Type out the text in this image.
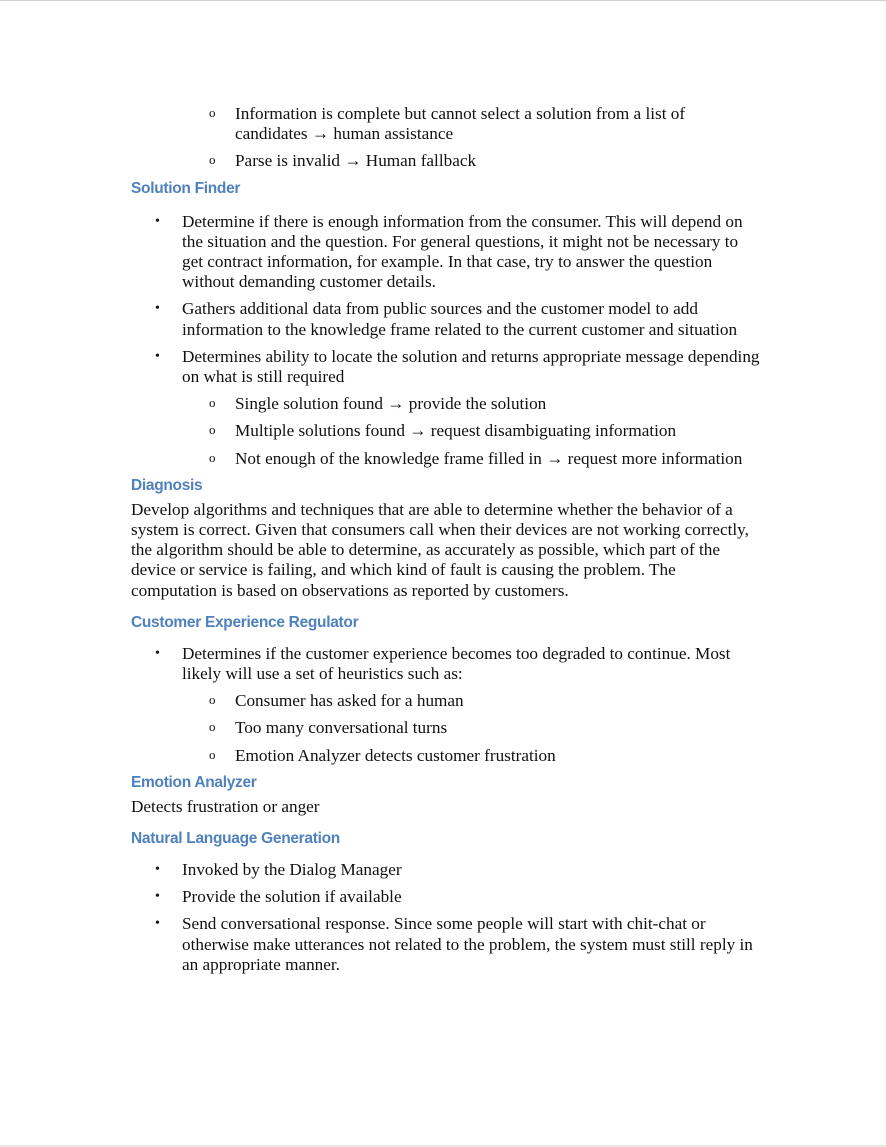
o Information is complete but cannot select a solution from a list of candidates → human assistance
o Parse is invalid → Human fallback
Solution Finder
• Determine if there is enough information from the consumer. This will depend on the situation and the question. For general questions, it might not be necessary to get contract information, for example. In that case, try to answer the question without demanding customer details.
• Gathers additional data from public sources and the customer model to add information to the knowledge frame related to the current customer and situation
• Determines ability to locate the solution and returns appropriate message depending on what is still required
o Single solution found → provide the solution
o Multiple solutions found → request disambiguating information
o Not enough of the knowledge frame filled in → request more information
Diagnosis

Develop algorithms and techniques that are able to determine whether the behavior of a system is correct. Given that consumers call when their devices are not working correctly, the algorithm should be able to determine, as accurately as possible, which part of the device or service is failing, and which kind of fault is causing the problem. The computation is based on observations as reported by customers.

Customer Experience Regulator
• Determines if the customer experience becomes too degraded to continue. Most likely will use a set of heuristics such as:
o Consumer has asked for a human
o Too many conversational turns
o Emotion Analyzer detects customer frustration
Emotion Analyzer

Detects frustration or anger

Natural Language Generation
• Invoked by the Dialog Manager
• Provide the solution if available
• Send conversational response. Since some people will start with chit-chat or otherwise make utterances not related to the problem, the system must still reply in an appropriate manner.
